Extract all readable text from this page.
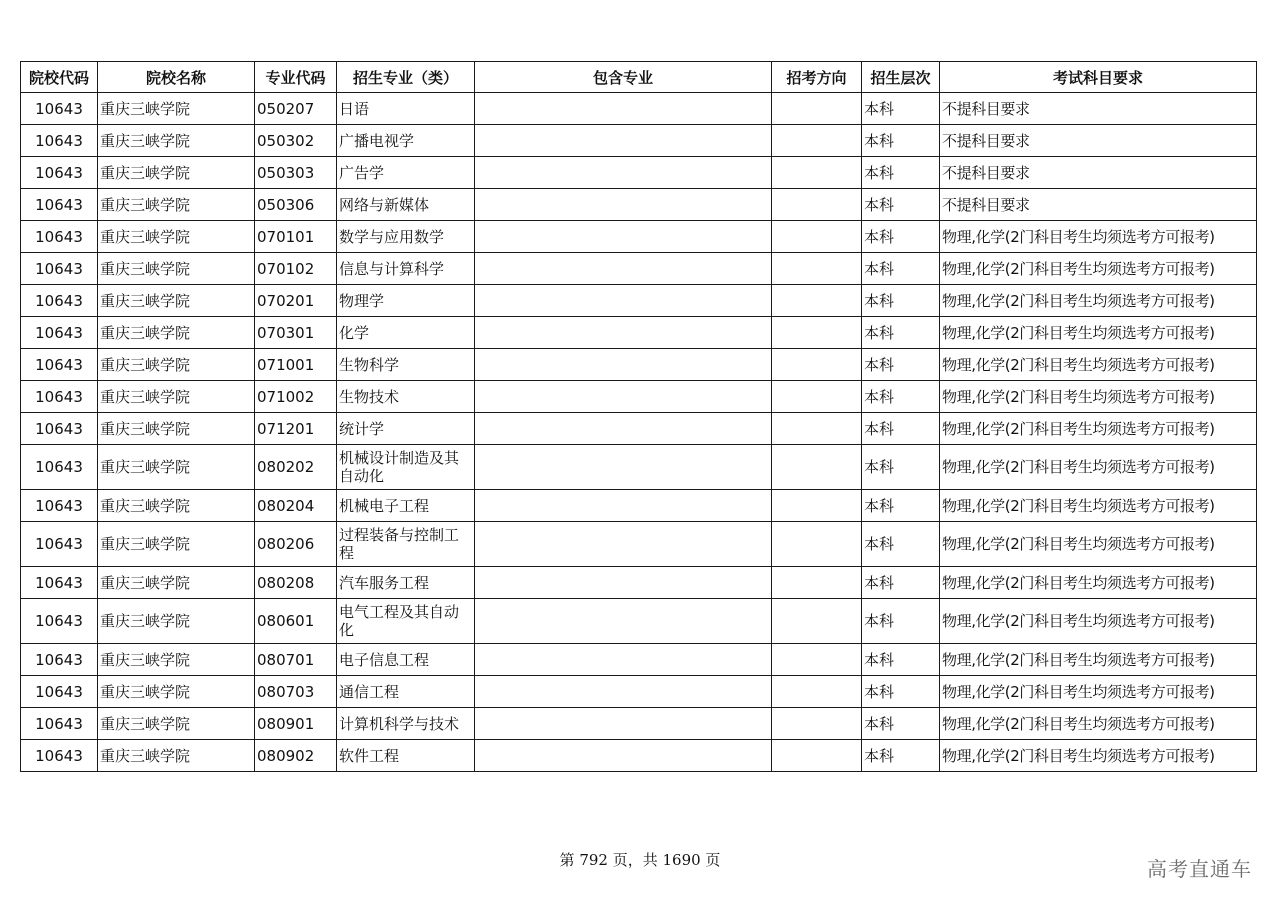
院校代码	院校名称	专业代码	招生专业（类）	包含专业	招考方向	招生层次	考试科目要求
10643	重庆三峡学院	050207	日语			本科	不提科目要求
10643	重庆三峡学院	050302	广播电视学			本科	不提科目要求
10643	重庆三峡学院	050303	广告学			本科	不提科目要求
10643	重庆三峡学院	050306	网络与新媒体			本科	不提科目要求
10643	重庆三峡学院	070101	数学与应用数学			本科	物理,化学(2门科目考生均须选考方可报考)
10643	重庆三峡学院	070102	信息与计算科学			本科	物理,化学(2门科目考生均须选考方可报考)
10643	重庆三峡学院	070201	物理学			本科	物理,化学(2门科目考生均须选考方可报考)
10643	重庆三峡学院	070301	化学			本科	物理,化学(2门科目考生均须选考方可报考)
10643	重庆三峡学院	071001	生物科学			本科	物理,化学(2门科目考生均须选考方可报考)
10643	重庆三峡学院	071002	生物技术			本科	物理,化学(2门科目考生均须选考方可报考)
10643	重庆三峡学院	071201	统计学			本科	物理,化学(2门科目考生均须选考方可报考)
10643	重庆三峡学院	080202	机械设计制造及其自动化			本科	物理,化学(2门科目考生均须选考方可报考)
10643	重庆三峡学院	080204	机械电子工程			本科	物理,化学(2门科目考生均须选考方可报考)
10643	重庆三峡学院	080206	过程装备与控制工程			本科	物理,化学(2门科目考生均须选考方可报考)
10643	重庆三峡学院	080208	汽车服务工程			本科	物理,化学(2门科目考生均须选考方可报考)
10643	重庆三峡学院	080601	电气工程及其自动化			本科	物理,化学(2门科目考生均须选考方可报考)
10643	重庆三峡学院	080701	电子信息工程			本科	物理,化学(2门科目考生均须选考方可报考)
10643	重庆三峡学院	080703	通信工程			本科	物理,化学(2门科目考生均须选考方可报考)
10643	重庆三峡学院	080901	计算机科学与技术			本科	物理,化学(2门科目考生均须选考方可报考)
10643	重庆三峡学院	080902	软件工程			本科	物理,化学(2门科目考生均须选考方可报考)
第 792 页，共 1690 页	高考直通车
